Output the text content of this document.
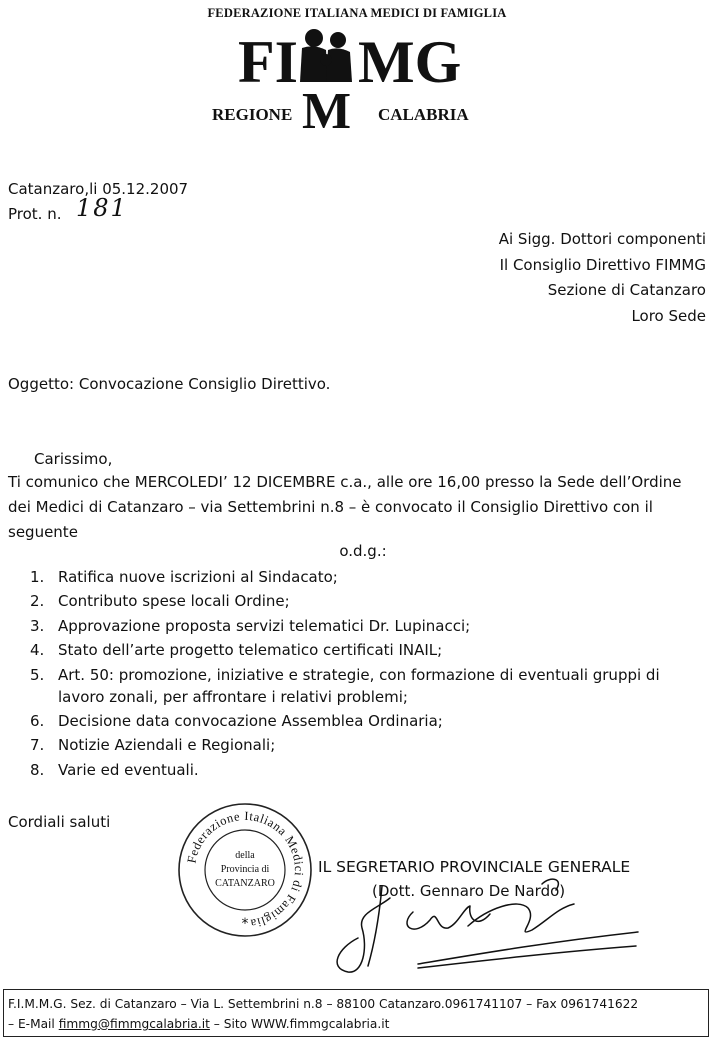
FEDERAZIONE ITALIANA MEDICI DI FAMIGLIA
FI MG
M
REGIONE	CALABRIA
Catanzaro,li 05.12.2007
Prot. n. 181
Ai Sigg. Dottori componenti
Il Consiglio Direttivo FIMMG
Sezione di Catanzaro
Loro Sede
Oggetto: Convocazione Consiglio Direttivo.
Carissimo,
Ti comunico che MERCOLEDI’ 12 DICEMBRE c.a., alle ore 16,00 presso la Sede dell’Ordine dei Medici di Catanzaro – via Settembrini n.8 – è convocato il Consiglio Direttivo con il seguente
o.d.g.:
1. Ratifica nuove iscrizioni al Sindacato;
2. Contributo spese locali Ordine;
3. Approvazione proposta servizi telematici Dr. Lupinacci;
4. Stato dell’arte progetto telematico certificati INAIL;
5. Art. 50: promozione, iniziative e strategie, con formazione di eventuali gruppi di lavoro zonali, per affrontare i relativi problemi;
6. Decisione data convocazione Assemblea Ordinaria;
7. Notizie Aziendali e Regionali;
8. Varie ed eventuali.
Cordiali saluti
Federazione Italiana Medici di Famiglia
della
Provincia di
CATANZARO
*
IL SEGRETARIO PROVINCIALE GENERALE
(Dott. Gennaro De Nardo)
F.I.M.M.G. Sez. di Catanzaro – Via L. Settembrini n.8 – 88100 Catanzaro.0961741107 – Fax 0961741622
– E-Mail fimmg@fimmgcalabria.it – Sito WWW.fimmgcalabria.it
